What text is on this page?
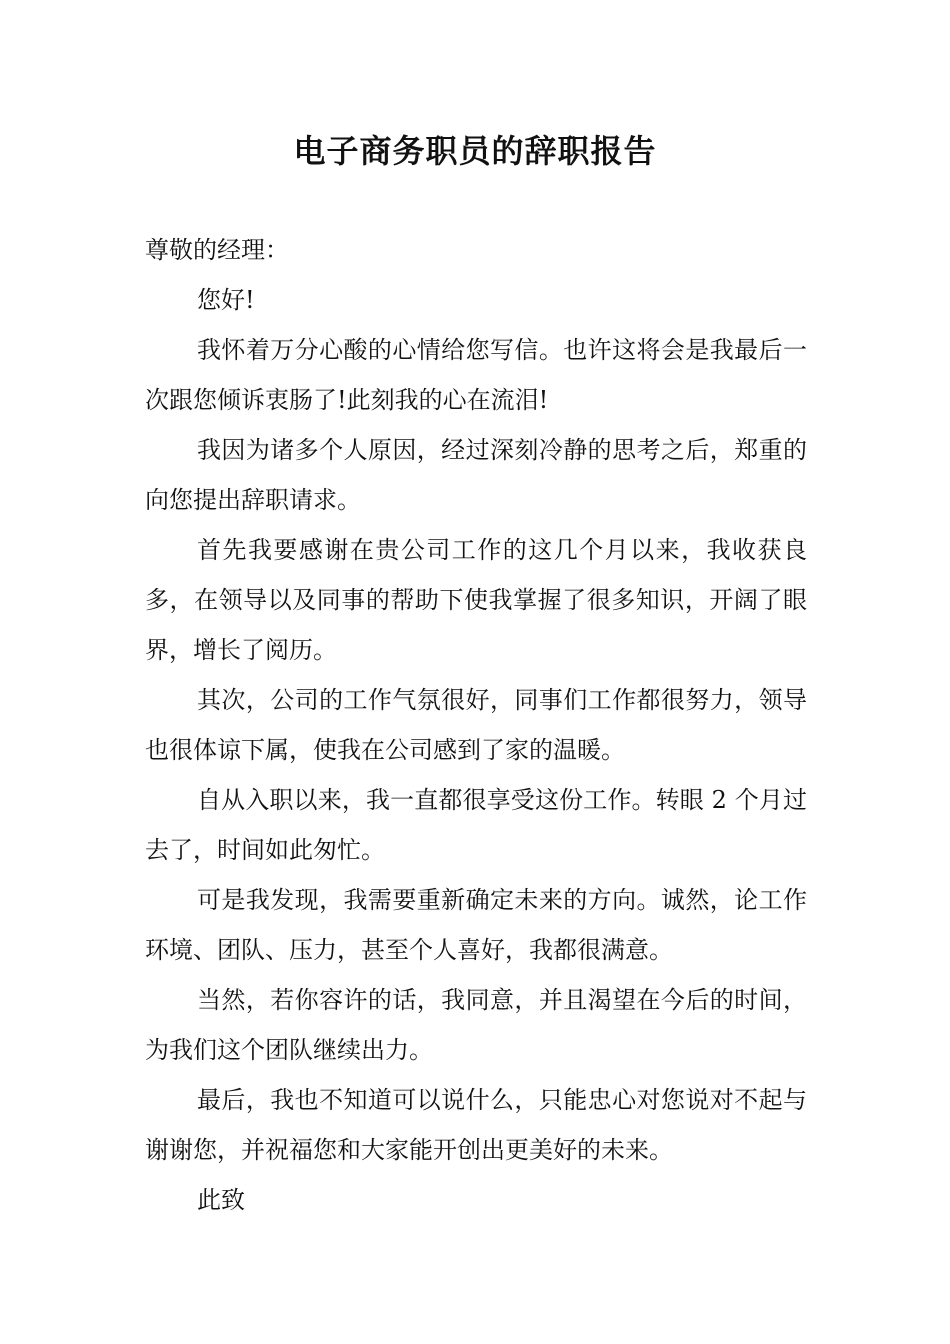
电子商务职员的辞职报告

尊敬的经理：

您好!

我怀着万分心酸的心情给您写信。也许这将会是我最后一次跟您倾诉衷肠了!此刻我的心在流泪!

我因为诸多个人原因，经过深刻冷静的思考之后，郑重的向您提出辞职请求。

首先我要感谢在贵公司工作的这几个月以来，我收获良多，在领导以及同事的帮助下使我掌握了很多知识，开阔了眼界，增长了阅历。

其次，公司的工作气氛很好，同事们工作都很努力，领导也很体谅下属，使我在公司感到了家的温暖。

自从入职以来，我一直都很享受这份工作。转眼 2 个月过去了，时间如此匆忙。

可是我发现，我需要重新确定未来的方向。诚然，论工作环境、团队、压力，甚至个人喜好，我都很满意。

当然，若你容许的话，我同意，并且渴望在今后的时间，为我们这个团队继续出力。

最后，我也不知道可以说什么，只能忠心对您说对不起与谢谢您，并祝福您和大家能开创出更美好的未来。

此致
